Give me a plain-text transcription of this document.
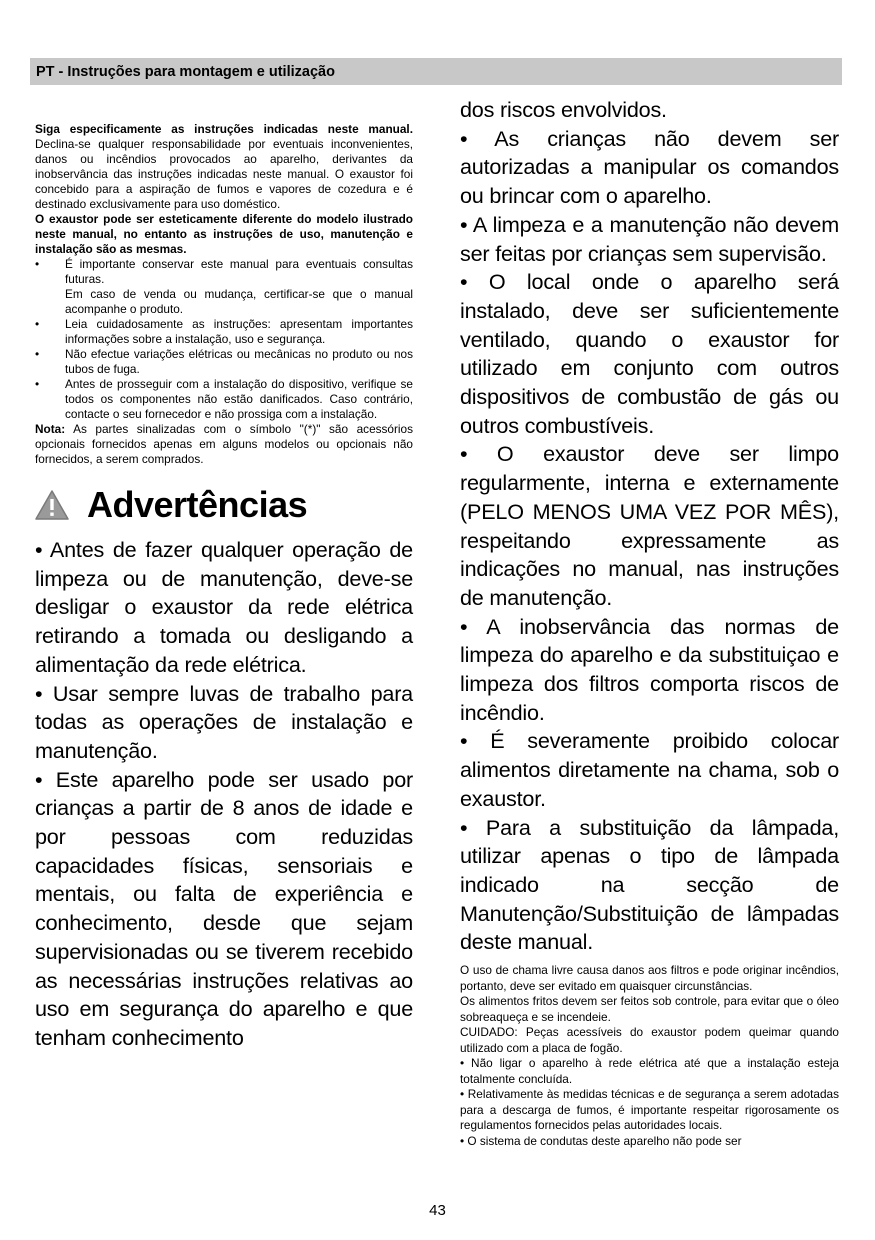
PT - Instruções para montagem e utilização

Siga especificamente as instruções indicadas neste manual. Declina-se qualquer responsabilidade por eventuais inconvenientes, danos ou incêndios provocados ao aparelho, derivantes da inobservância das instruções indicadas neste manual. O exaustor foi concebido para a aspiração de fumos e vapores de cozedura e é destinado exclusivamente para uso doméstico.

O exaustor pode ser esteticamente diferente do modelo ilustrado neste manual, no entanto as instruções de uso, manutenção e instalação são as mesmas.

• É importante conservar este manual para eventuais consultas futuras.
Em caso de venda ou mudança, certificar-se que o manual acompanhe o produto.
• Leia cuidadosamente as instruções: apresentam importantes informações sobre a instalação, uso e segurança.
• Não efectue variações elétricas ou mecânicas no produto ou nos tubos de fuga.
• Antes de prosseguir com a instalação do dispositivo, verifique se todos os componentes não estão danificados. Caso contrário, contacte o seu fornecedor e não prossiga com a instalação.

Nota: As partes sinalizadas com o símbolo "(*)" são acessórios opcionais fornecidos apenas em alguns modelos ou opcionais não fornecidos, a serem comprados.

Advertências

• Antes de fazer qualquer operação de limpeza ou de manutenção, deve-se desligar o exaustor da rede elétrica retirando a tomada ou desligando a alimentação da rede elétrica.

• Usar sempre luvas de trabalho para todas as operações de instalação e manutenção.

• Este aparelho pode ser usado por crianças a partir de 8 anos de idade e por pessoas com reduzidas capacidades físicas, sensoriais e mentais, ou falta de experiência e conhecimento, desde que sejam supervisionadas ou se tiverem recebido as necessárias instruções relativas ao uso em segurança do aparelho e que tenham conhecimento

dos riscos envolvidos.

• As crianças não devem ser autorizadas a manipular os comandos ou brincar com o aparelho.

• A limpeza e a manutenção não devem ser feitas por crianças sem supervisão.

• O local onde o aparelho será instalado, deve ser suficientemente ventilado, quando o exaustor for utilizado em conjunto com outros dispositivos de combustão de gás ou outros combustíveis.

• O exaustor deve ser limpo regularmente, interna e externamente (PELO MENOS UMA VEZ POR MÊS), respeitando expressamente as indicações no manual, nas instruções de manutenção.

• A inobservância das normas de limpeza do aparelho e da substituiçao e limpeza dos filtros comporta riscos de incêndio.

• É severamente proibido colocar alimentos diretamente na chama, sob o exaustor.

• Para a substituição da lâmpada, utilizar apenas o tipo de lâmpada indicado na secção de Manutenção/Substituição de lâmpadas deste manual.

O uso de chama livre causa danos aos filtros e pode originar incêndios, portanto, deve ser evitado em quaisquer circunstâncias.

Os alimentos fritos devem ser feitos sob controle, para evitar que o óleo sobreaqueça e se incendeie.

CUIDADO: Peças acessíveis do exaustor podem queimar quando utilizado com a placa de fogão.

• Não ligar o aparelho à rede elétrica até que a instalação esteja totalmente concluída.

• Relativamente às medidas técnicas e de segurança a serem adotadas para a descarga de fumos, é importante respeitar rigorosamente os regulamentos fornecidos pelas autoridades locais.

• O sistema de condutas deste aparelho não pode ser

43
